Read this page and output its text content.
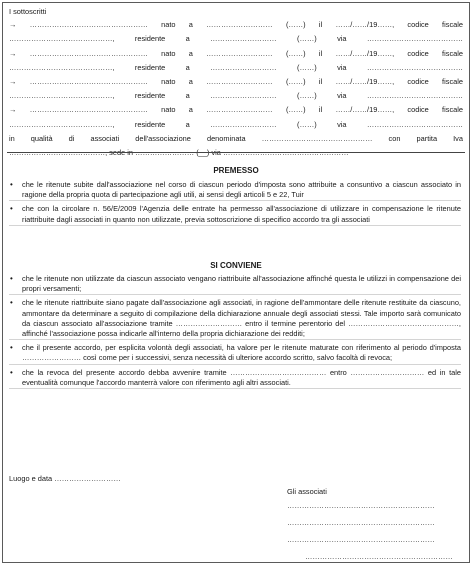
I sottoscritti
→ ………………………………………… nato a ……………………… (……) il ……/……/19……, codice fiscale
……………………………………, residente a ……………………… (……) via …………………………………
→ ………………………………………… nato a ……………………… (……) il ……/……/19……, codice fiscale
……………………………………, residente a ……………………… (……) via …………………………………
→ ………………………………………… nato a ……………………… (……) il ……/……/19……, codice fiscale
……………………………………, residente a ……………………… (……) via …………………………………
→ ………………………………………… nato a ……………………… (……) il ……/……/19……, codice fiscale
……………………………………, residente a ……………………… (……) via …………………………………
in qualità di associati dell'associazione denominata ……………………………………… con partita Iva
…………………………………, sede in …………………… (__) via ……………………………………………
PREMESSO
• che le ritenute subite dall'associazione nel corso di ciascun periodo d'imposta sono attribuite a consuntivo a ciascun associato in ragione della propria quota di partecipazione agli utili, ai sensi degli articoli 5 e 22, Tuir
• che con la circolare n. 56/E/2009 l'Agenzia delle entrate ha permesso all'associazione di utilizzare in compensazione le ritenute riattribuite dagli associati in quanto non utilizzate, previa sottoscrizione di specifico accordo tra gli associati
SI CONVIENE
• che le ritenute non utilizzate da ciascun associato vengano riattribuite all'associazione affinché questa le utilizzi in compensazione dei propri versamenti;
• che le ritenute riattribuite siano pagate dall'associazione agli associati, in ragione dell'ammontare delle ritenute restituite da ciascuno, ammontare da determinare a seguito di compilazione della dichiarazione annuale degli associati stessi. Tale importo sarà comunicato da ciascun associato all'associazione tramite ……………………… entro il termine perentorio del ………………………………………, affinché l'associazione possa indicarle all'interno della propria dichiarazione dei redditi;
• che il presente accordo, per esplicita volontà degli associati, ha valore per le ritenute maturate con riferimento al periodo d'imposta …………………… così come per i successivi, senza necessità di ulteriore accordo scritto, salvo facoltà di revoca;
• che la revoca del presente accordo debba avvenire tramite ………………………………… entro ………………………… ed in tale eventualità comunque l'accordo manterrà valore con riferimento agli altri associati.
Luogo e data ………………………
Gli associati
……………………………………………………
……………………………………………………
……………………………………………………
……………………………………………………
